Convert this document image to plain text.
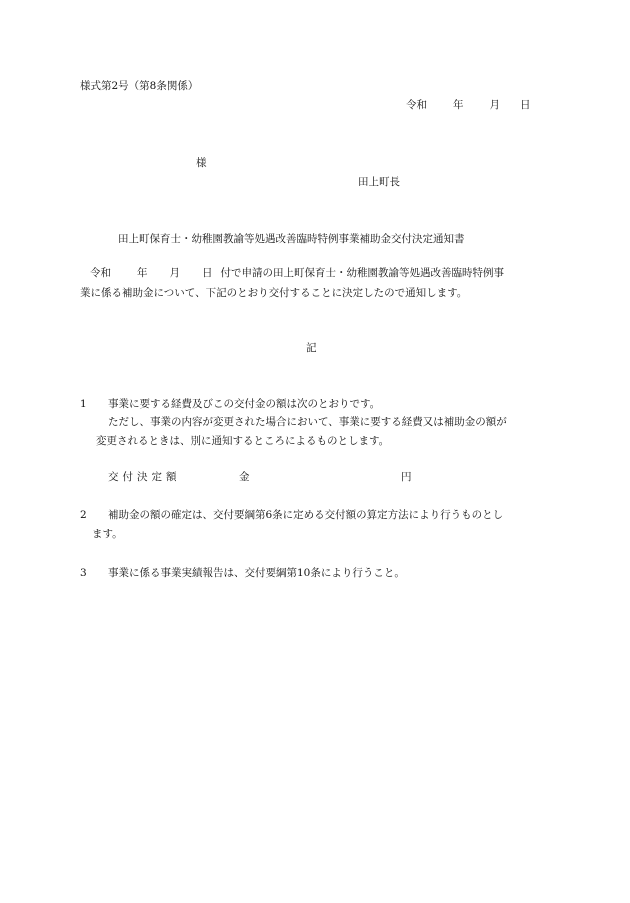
様式第2号（第8条関係）
令和 年 月 日
様
田上町長
田上町保育士・幼稚園教諭等処遇改善臨時特例事業補助金交付決定通知書
令和 年 月 日 付で申請の田上町保育士・幼稚園教諭等処遇改善臨時特例事
業に係る補助金について、下記のとおり交付することに決定したので通知します。
記
1 事業に要する経費及びこの交付金の額は次のとおりです。
ただし、事業の内容が変更された場合において、事業に要する経費又は補助金の額が
変更されるときは、別に通知するところによるものとします。
交付決定額	金	円
2 補助金の額の確定は、交付要綱第6条に定める交付額の算定方法により行うものとし
ます。
3 事業に係る事業実績報告は、交付要綱第10条により行うこと。
